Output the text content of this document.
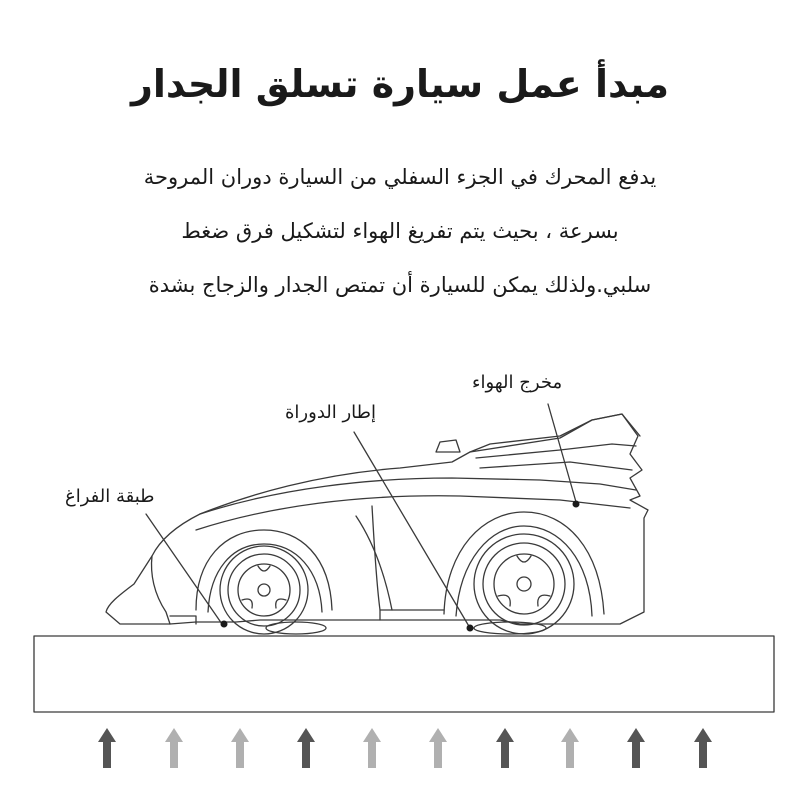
مبدأ عمل سيارة تسلق الجدار
يدفع المحرك في الجزء السفلي من السيارة دوران المروحة
بسرعة ، بحيث يتم تفريغ الهواء لتشكيل فرق ضغط
سلبي.ولذلك يمكن للسيارة أن تمتص الجدار والزجاج بشدة
مخرج الهواء
إطار الدوراة
طبقة الفراغ
